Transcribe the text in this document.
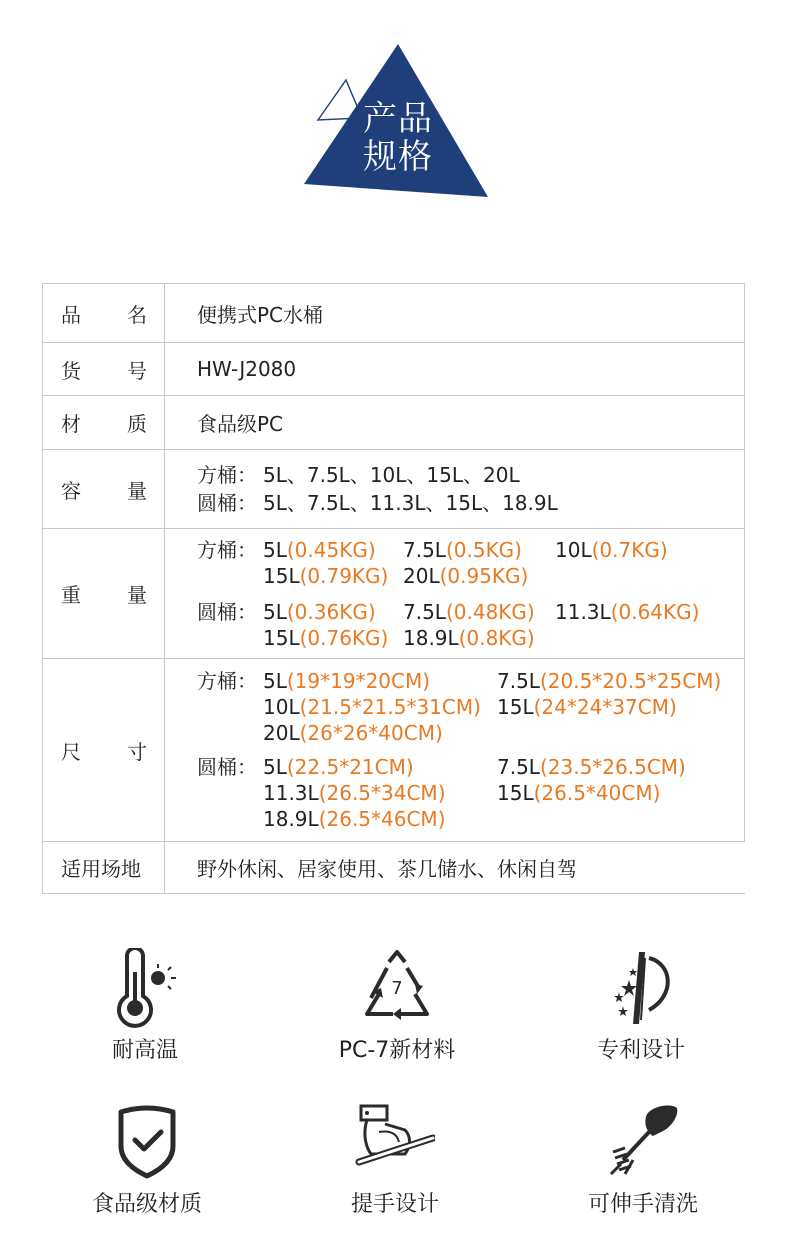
产品
规格
品 名	便携式PC水桶
货 号	HW-J2080
材 质	食品级PC
容 量
方桶： 5L、7.5L、10L、15L、20L
圆桶： 5L、7.5L、11.3L、15L、18.9L
重 量
方桶： 5L(0.45KG)	7.5L(0.5KG)	10L(0.7KG)
15L(0.79KG) 20L(0.95KG)
圆桶： 5L(0.36KG)	7.5L(0.48KG)	11.3L(0.64KG)
15L(0.76KG) 18.9L(0.8KG)
尺 寸
方桶： 5L(19*19*20CM)	7.5L(20.5*20.5*25CM)
10L(21.5*21.5*31CM) 15L(24*24*37CM)
20L(26*26*40CM)
圆桶： 5L(22.5*21CM)	7.5L(23.5*26.5CM)
11.3L(26.5*34CM)	15L(26.5*40CM)
18.9L(26.5*46CM)
适用场地	野外休闲、居家使用、茶几储水、休闲自驾
耐高温
7
PC-7新材料	专利设计
食品级材质	提手设计	可伸手清洗
